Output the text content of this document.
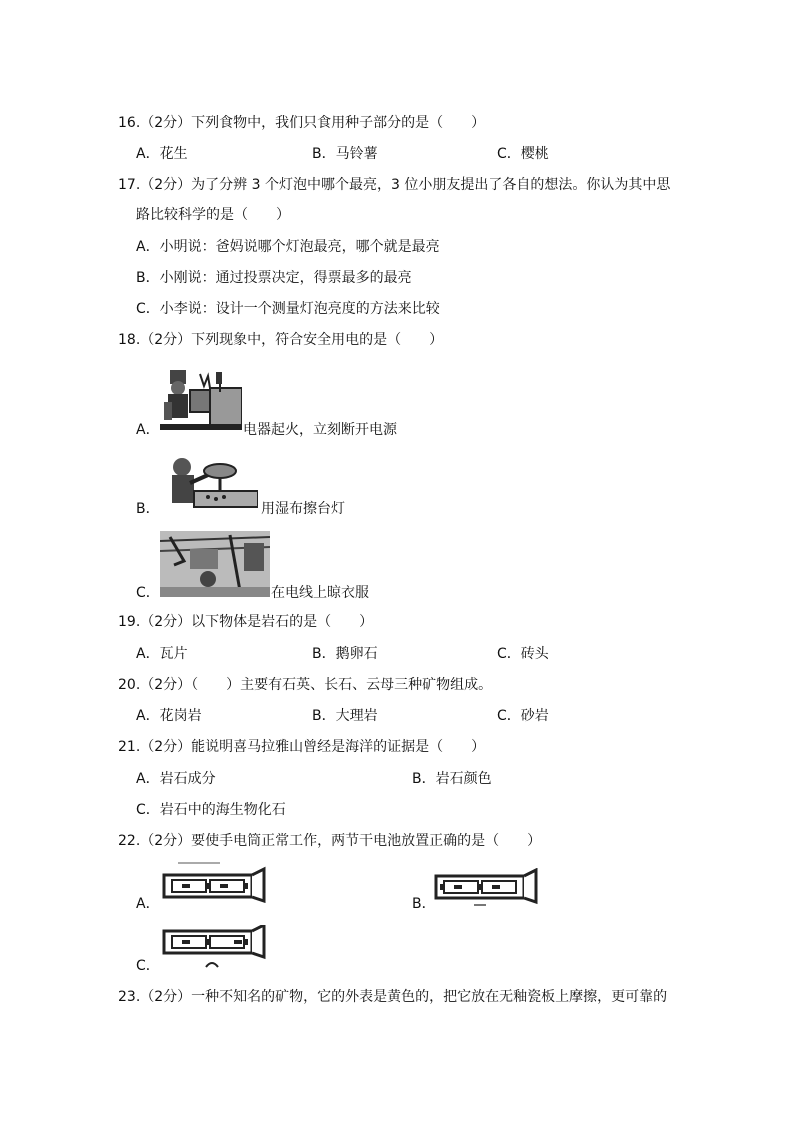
16.（2分）下列食物中，我们只食用种子部分的是（　　）
A．花生	B．马铃薯	C．樱桃
17.（2分）为了分辨 3 个灯泡中哪个最亮，3 位小朋友提出了各自的想法。你认为其中思
路比较科学的是（　　）
A．小明说：爸妈说哪个灯泡最亮，哪个就是最亮
B．小刚说：通过投票决定，得票最多的最亮
C．小李说：设计一个测量灯泡亮度的方法来比较
18.（2分）下列现象中，符合安全用电的是（　　）
A．	电器起火，立刻断开电源
B．	用湿布擦台灯
C．	在电线上晾衣服
19.（2分）以下物体是岩石的是（　　）
A．瓦片	B．鹅卵石	C．砖头
20.（2分）（　　）主要有石英、长石、云母三种矿物组成。
A．花岗岩	B．大理岩	C．砂岩
21.（2分）能说明喜马拉雅山曾经是海洋的证据是（　　）
A．岩石成分	B．岩石颜色
C．岩石中的海生物化石
22.（2分）要使手电筒正常工作，两节干电池放置正确的是（　　）
A．	B．
C．
23.（2分）一种不知名的矿物，它的外表是黄色的，把它放在无釉瓷板上摩擦，更可靠的
